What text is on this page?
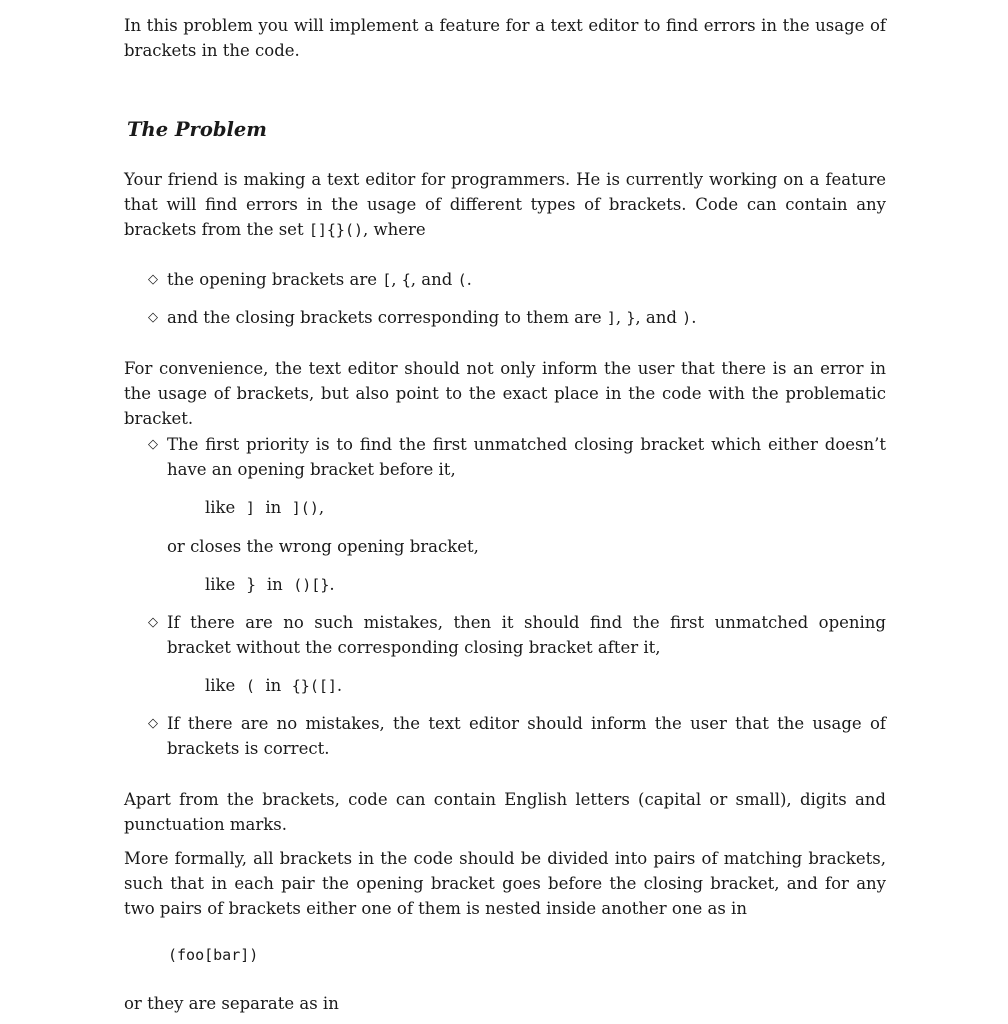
In this problem you will implement a feature for a text editor to find errors in the usage of brackets in the code.

The Problem

Your friend is making a text editor for programmers. He is currently working on a feature that will find errors in the usage of different types of brackets. Code can contain any brackets from the set []{}(), where

◇ the opening brackets are [, {, and (.
◇ and the closing brackets corresponding to them are ], }, and ).

For convenience, the text editor should not only inform the user that there is an error in the usage of brackets, but also point to the exact place in the code with the problematic bracket.

◇ The first priority is to find the first unmatched closing bracket which either doesn’t have an opening bracket before it,
like ] in ](),
or closes the wrong opening bracket,
like } in ()[}.
◇ If there are no such mistakes, then it should find the first unmatched opening bracket without the corresponding closing bracket after it,
like ( in {}([].
◇ If there are no mistakes, the text editor should inform the user that the usage of brackets is correct.

Apart from the brackets, code can contain English letters (capital or small), digits and punctuation marks.

More formally, all brackets in the code should be divided into pairs of matching brackets, such that in each pair the opening bracket goes before the closing bracket, and for any two pairs of brackets either one of them is nested inside another one as in

(foo[bar])

or they are separate as in
